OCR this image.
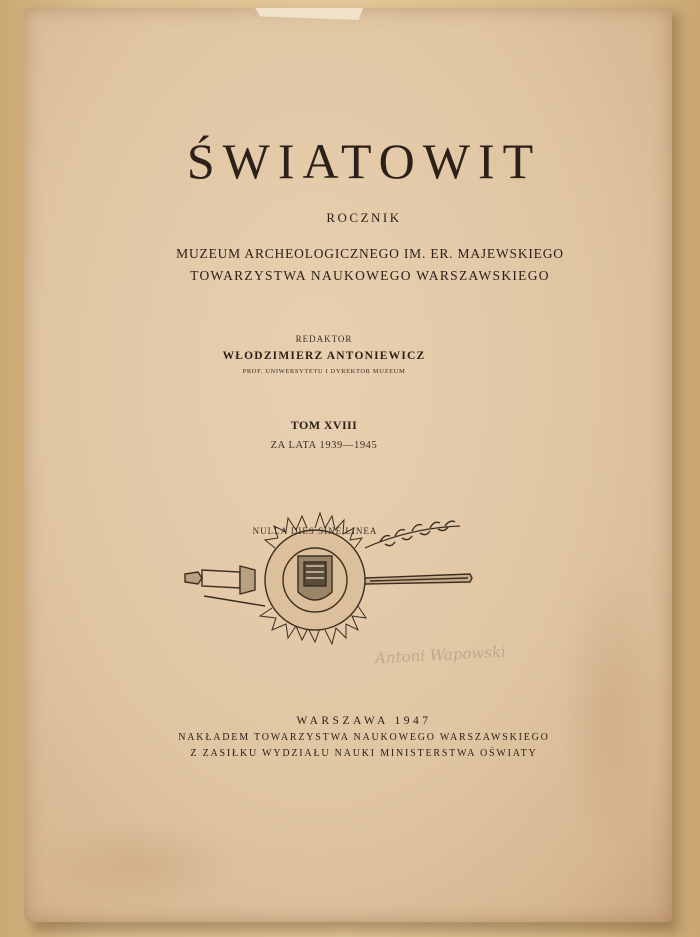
ŚWIATOWIT
ROCZNIK
MUZEUM ARCHEOLOGICZNEGO IM. ER. MAJEWSKIEGO
TOWARZYSTWA NAUKOWEGO WARSZAWSKIEGO
REDAKTOR
WŁODZIMIERZ ANTONIEWICZ
PROF. UNIWERSYTETU I DYREKTOR MUZEUM
TOM XVIII
ZA LATA 1939—1945
NULLA DIES SINE LINEA
Antoni Wapowski
WARSZAWA 1947
NAKŁADEM TOWARZYSTWA NAUKOWEGO WARSZAWSKIEGO
Z ZASIŁKU WYDZIAŁU NAUKI MINISTERSTWA OŚWIATY
